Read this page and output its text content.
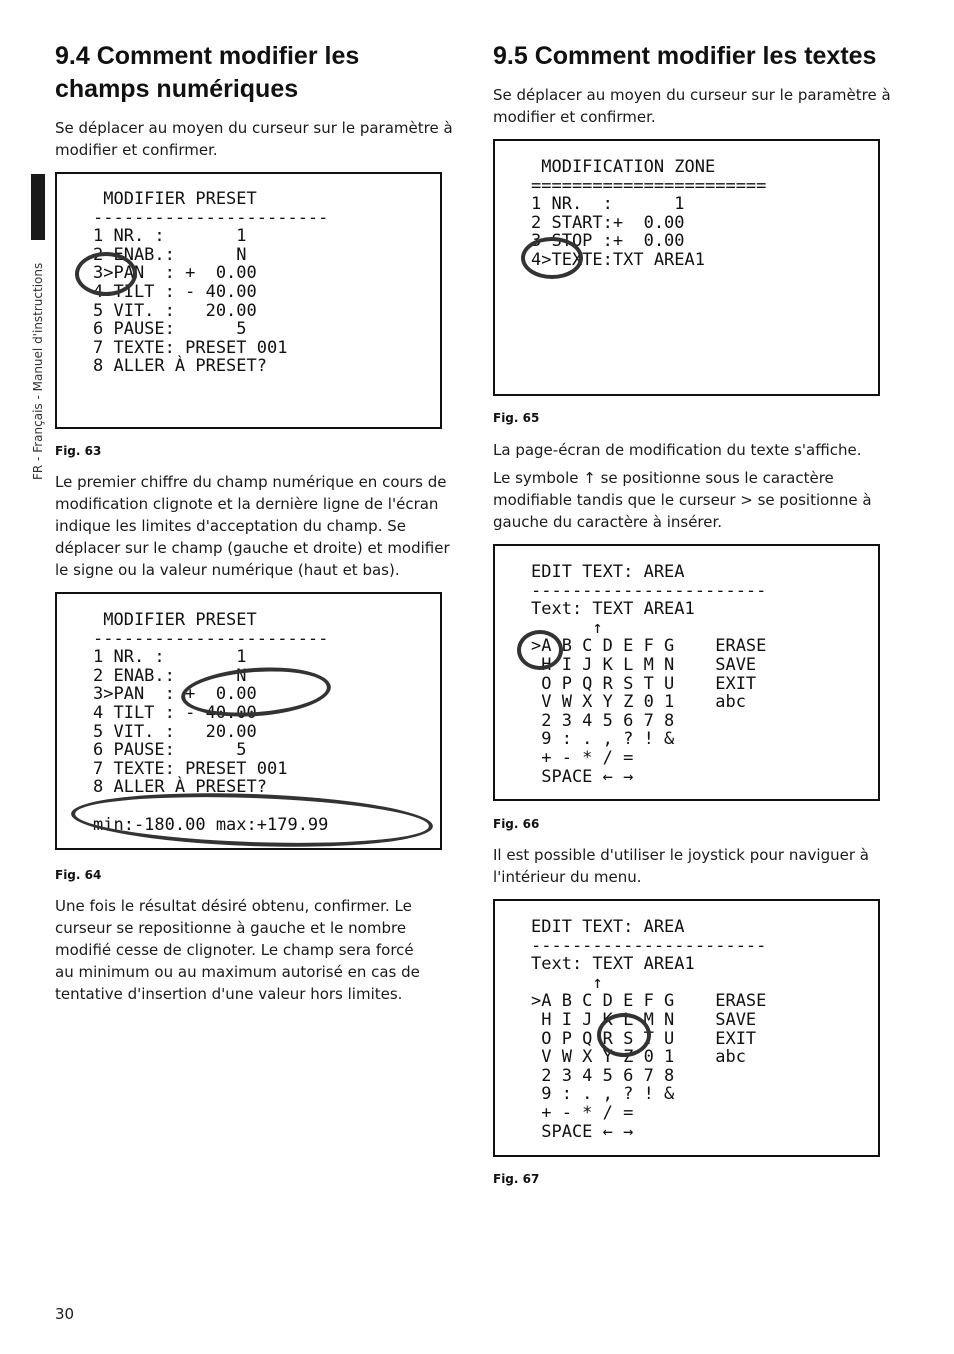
FR - Français - Manuel d'instructions
9.4 Comment modifier les
champs numériques

Se déplacer au moyen du curseur sur le paramètre à modifier et confirmer.

MODIFIER PRESET
-----------------------
1 NR. :       1
2 ENAB.:      N
3>PAN  : +  0.00
4 TILT : - 40.00
5 VIT. :   20.00
6 PAUSE:      5
7 TEXTE: PRESET 001
8 ALLER À PRESET?
Fig. 63

Le premier chiffre du champ numérique en cours de modification clignote et la dernière ligne de l'écran indique les limites d'acceptation du champ. Se déplacer sur le champ (gauche et droite) et modifier le signe ou la valeur numérique (haut et bas).

MODIFIER PRESET
-----------------------
1 NR. :       1
2 ENAB.:      N
3>PAN  : +  0.00
4 TILT : - 40.00
5 VIT. :   20.00
6 PAUSE:      5
7 TEXTE: PRESET 001
8 ALLER À PRESET?

min:-180.00 max:+179.99
Fig. 64

Une fois le résultat désiré obtenu, confirmer. Le curseur se repositionne à gauche et le nombre modifié cesse de clignoter. Le champ sera forcé au minimum ou au maximum autorisé en cas de tentative d'insertion d'une valeur hors limites.

9.5 Comment modifier les textes

Se déplacer au moyen du curseur sur le paramètre à modifier et confirmer.

MODIFICATION ZONE
=======================
1 NR.  :      1
2 START:+  0.00
3 STOP :+  0.00
4>TEXTE:TXT AREA1
Fig. 65

La page-écran de modification du texte s'affiche.

Le symbole ↑ se positionne sous le caractère modifiable tandis que le curseur > se positionne à gauche du caractère à insérer.

EDIT TEXT: AREA
-----------------------
Text: TEXT AREA1
↑
>A B C D E F G    ERASE
H I J K L M N    SAVE
O P Q R S T U    EXIT
V W X Y Z 0 1    abc
2 3 4 5 6 7 8
9 : . , ? ! &
+ - * / =
SPACE ← →
Fig. 66

Il est possible d'utiliser le joystick pour naviguer à l'intérieur du menu.

EDIT TEXT: AREA
-----------------------
Text: TEXT AREA1
↑
>A B C D E F G    ERASE
H I J K L M N    SAVE
O P Q R S T U    EXIT
V W X Y Z 0 1    abc
2 3 4 5 6 7 8
9 : . , ? ! &
+ - * / =
SPACE ← →
Fig. 67
30
